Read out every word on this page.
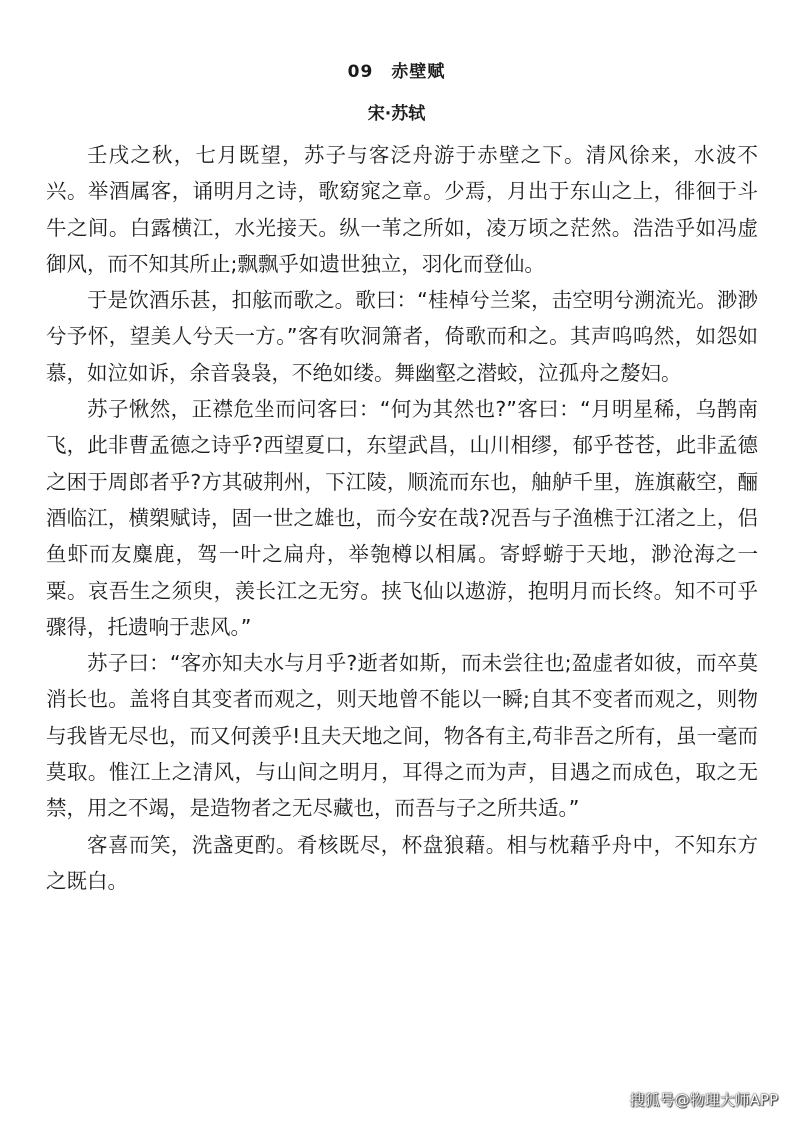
09 赤壁赋
宋·苏轼

壬戌之秋，七月既望，苏子与客泛舟游于赤壁之下。清风徐来，水波不兴。举酒属客，诵明月之诗，歌窈窕之章。少焉，月出于东山之上，徘徊于斗牛之间。白露横江，水光接天。纵一苇之所如，凌万顷之茫然。浩浩乎如冯虚御风，而不知其所止;飘飘乎如遗世独立，羽化而登仙。

于是饮酒乐甚，扣舷而歌之。歌曰：“桂棹兮兰桨，击空明兮溯流光。渺渺兮予怀，望美人兮天一方。”客有吹洞箫者，倚歌而和之。其声呜呜然，如怨如慕，如泣如诉，余音袅袅，不绝如缕。舞幽壑之潜蛟，泣孤舟之嫠妇。

苏子愀然，正襟危坐而问客曰：“何为其然也?”客曰：“月明星稀，乌鹊南飞，此非曹孟德之诗乎?西望夏口，东望武昌，山川相缪，郁乎苍苍，此非孟德之困于周郎者乎?方其破荆州，下江陵，顺流而东也，舳舻千里，旌旗蔽空，酾酒临江，横槊赋诗，固一世之雄也，而今安在哉?况吾与子渔樵于江渚之上，侣鱼虾而友麋鹿，驾一叶之扁舟，举匏樽以相属。寄蜉蝣于天地，渺沧海之一粟。哀吾生之须臾，羡长江之无穷。挟飞仙以遨游，抱明月而长终。知不可乎骤得，托遗响于悲风。”

苏子曰：“客亦知夫水与月乎?逝者如斯，而未尝往也;盈虚者如彼，而卒莫消长也。盖将自其变者而观之，则天地曾不能以一瞬;自其不变者而观之，则物与我皆无尽也，而又何羡乎!且夫天地之间，物各有主,苟非吾之所有，虽一毫而莫取。惟江上之清风，与山间之明月，耳得之而为声，目遇之而成色，取之无禁，用之不竭，是造物者之无尽藏也，而吾与子之所共适。”

客喜而笑，洗盏更酌。肴核既尽，杯盘狼藉。相与枕藉乎舟中，不知东方之既白。

搜狐号@物理大师APP
